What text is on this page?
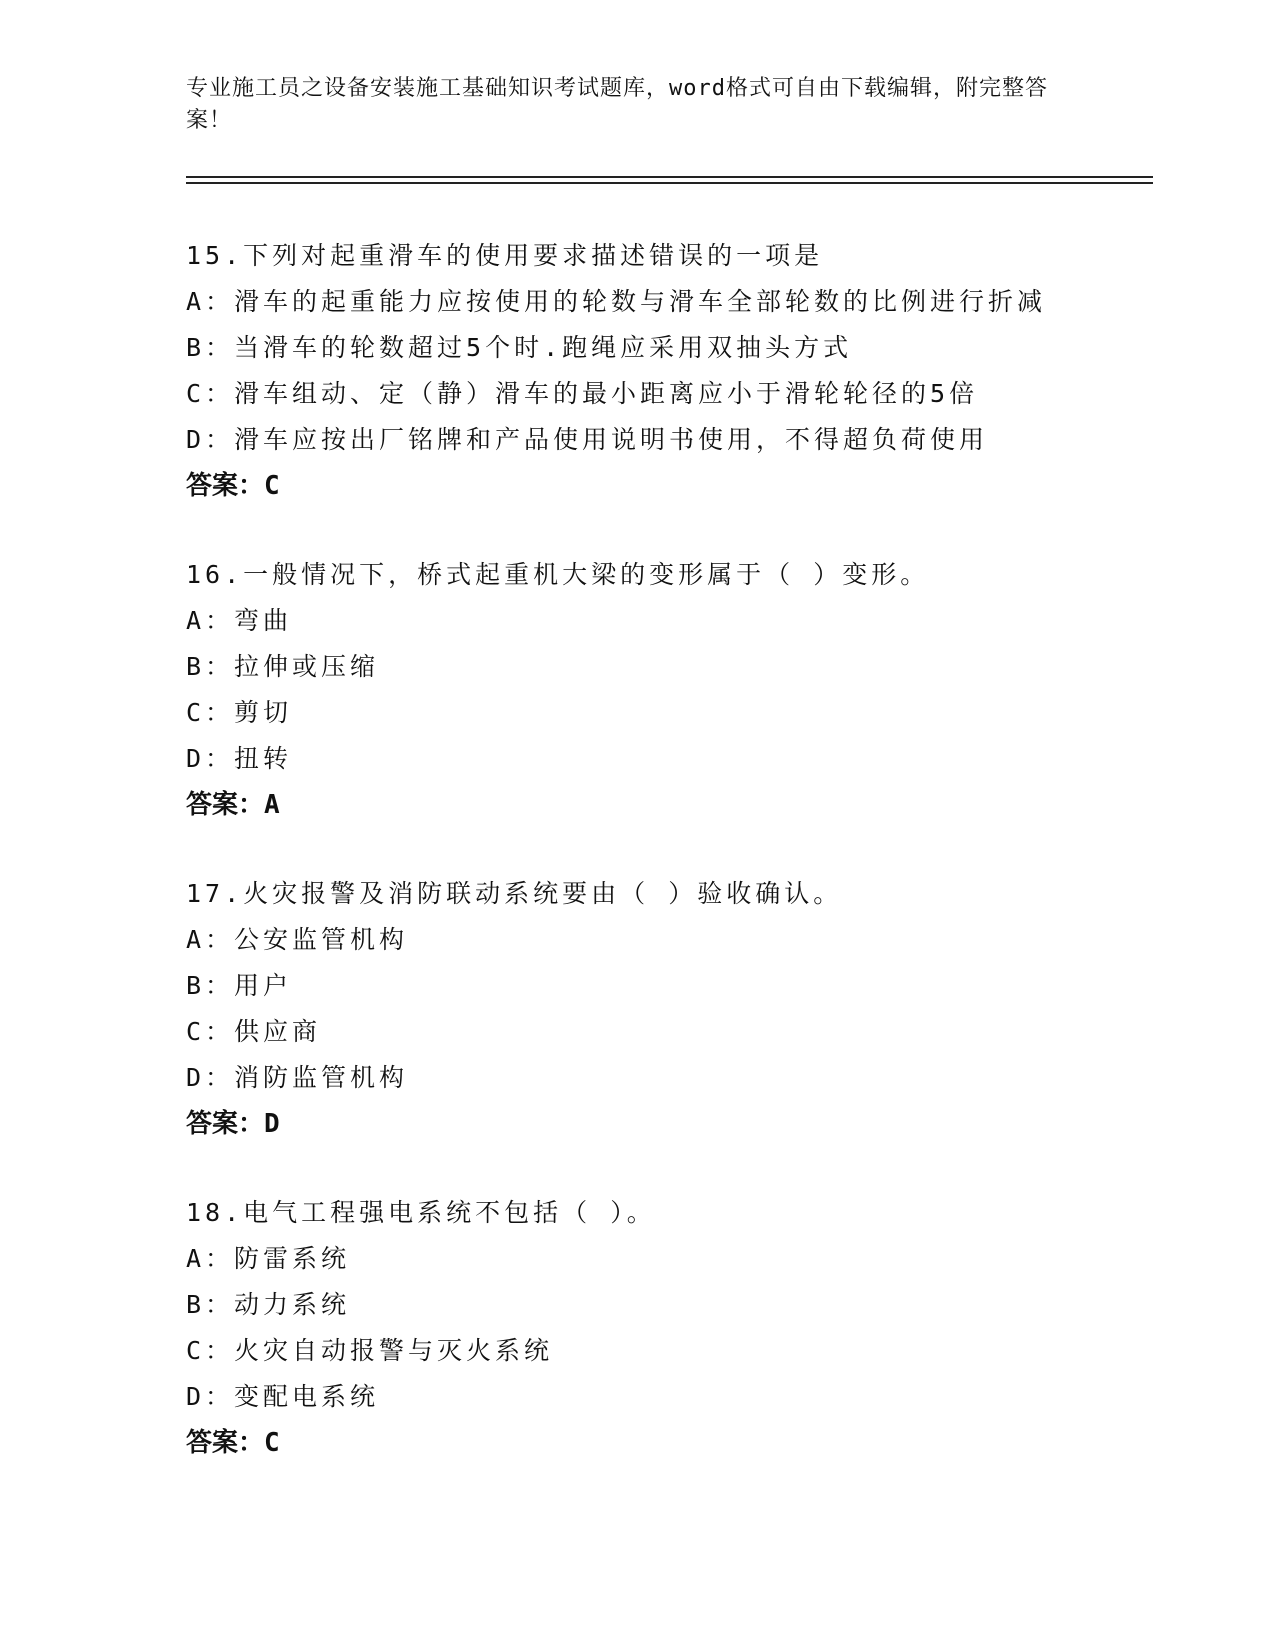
专业施工员之设备安装施工基础知识考试题库，word格式可自由下载编辑，附完整答案！
15.下列对起重滑车的使用要求描述错误的一项是
A：滑车的起重能力应按使用的轮数与滑车全部轮数的比例进行折减
B：当滑车的轮数超过5个时.跑绳应采用双抽头方式
C：滑车组动、定（静）滑车的最小距离应小于滑轮轮径的5倍
D：滑车应按出厂铭牌和产品使用说明书使用，不得超负荷使用
答案：C
16.一般情况下，桥式起重机大梁的变形属于（ ）变形。
A：弯曲
B：拉伸或压缩
C：剪切
D：扭转
答案：A
17.火灾报警及消防联动系统要由（ ）验收确认。
A：公安监管机构
B：用户
C：供应商
D：消防监管机构
答案：D
18.电气工程强电系统不包括（ ）。
A：防雷系统
B：动力系统
C：火灾自动报警与灭火系统
D：变配电系统
答案：C
